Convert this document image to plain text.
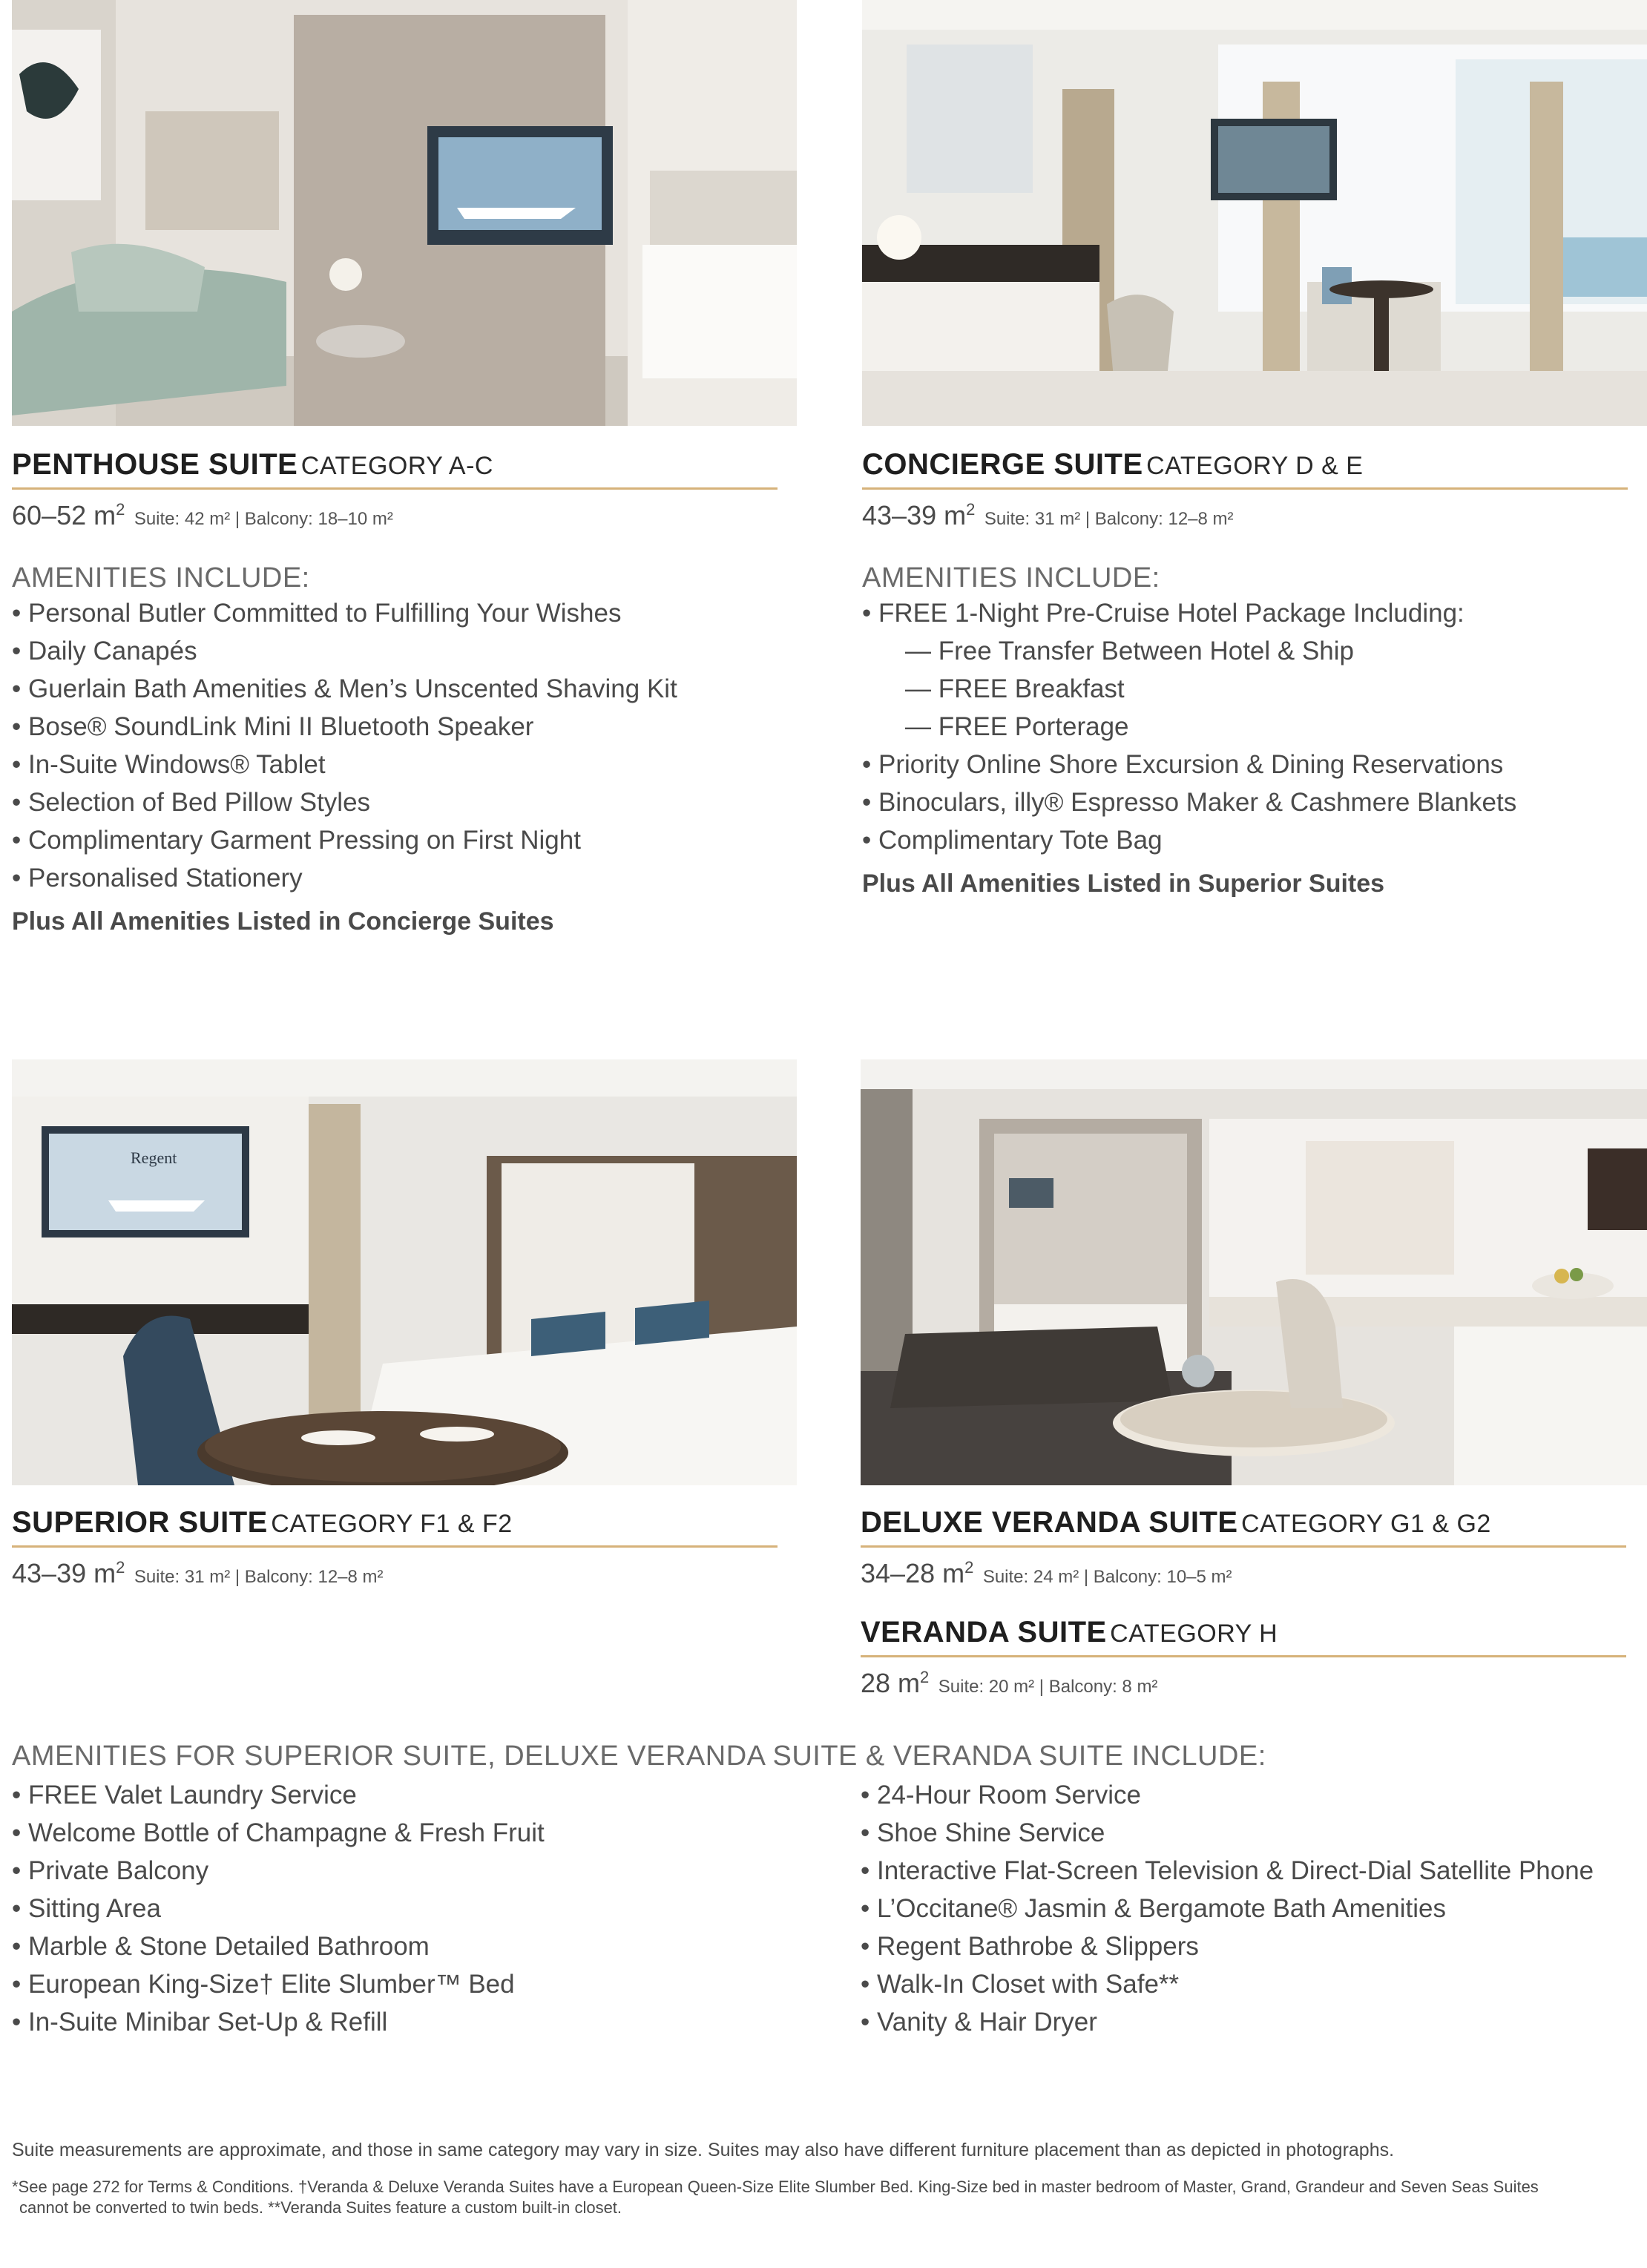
PENTHOUSE SUITE CATEGORY A-C
60–52 $m^2$ Suite: 42 m² | Balcony: 18–10 m²
AMENITIES INCLUDE:
• Personal Butler Committed to Fulfilling Your Wishes
• Daily Canapés
• Guerlain Bath Amenities & Men’s Unscented Shaving Kit
• Bose® SoundLink Mini II Bluetooth Speaker
• In-Suite Windows® Tablet
• Selection of Bed Pillow Styles
• Complimentary Garment Pressing on First Night
• Personalised Stationery
Plus All Amenities Listed in Concierge Suites
CONCIERGE SUITE CATEGORY D & E
43–39 $m^2$ Suite: 31 m² | Balcony: 12–8 m²
AMENITIES INCLUDE:
• FREE 1-Night Pre-Cruise Hotel Package Including:
— Free Transfer Between Hotel & Ship
— FREE Breakfast
— FREE Porterage
• Priority Online Shore Excursion & Dining Reservations
• Binoculars, illy® Espresso Maker & Cashmere Blankets
• Complimentary Tote Bag
Plus All Amenities Listed in Superior Suites
Regent
SUPERIOR SUITE CATEGORY F1 & F2
43–39 $m^2$ Suite: 31 m² | Balcony: 12–8 m²
DELUXE VERANDA SUITE CATEGORY G1 & G2
34–28 $m^2$ Suite: 24 m² | Balcony: 10–5 m²
VERANDA SUITE CATEGORY H
28 $m^2$ Suite: 20 m² | Balcony: 8 m²
AMENITIES FOR SUPERIOR SUITE, DELUXE VERANDA SUITE & VERANDA SUITE INCLUDE:
• FREE Valet Laundry Service
• Welcome Bottle of Champagne & Fresh Fruit
• Private Balcony
• Sitting Area
• Marble & Stone Detailed Bathroom
• European King-Size† Elite Slumber™ Bed
• In-Suite Minibar Set-Up & Refill
• 24-Hour Room Service
• Shoe Shine Service
• Interactive Flat-Screen Television & Direct-Dial Satellite Phone
• L’Occitane® Jasmin & Bergamote Bath Amenities
• Regent Bathrobe & Slippers
• Walk-In Closet with Safe**
• Vanity & Hair Dryer
Suite measurements are approximate, and those in same category may vary in size. Suites may also have different furniture placement than as depicted in photographs.
*See page 272 for Terms & Conditions. †Veranda & Deluxe Veranda Suites have a European Queen-Size Elite Slumber Bed. King-Size bed in master bedroom of Master, Grand, Grandeur and Seven Seas Suites
cannot be converted to twin beds. **Veranda Suites feature a custom built-in closet.
